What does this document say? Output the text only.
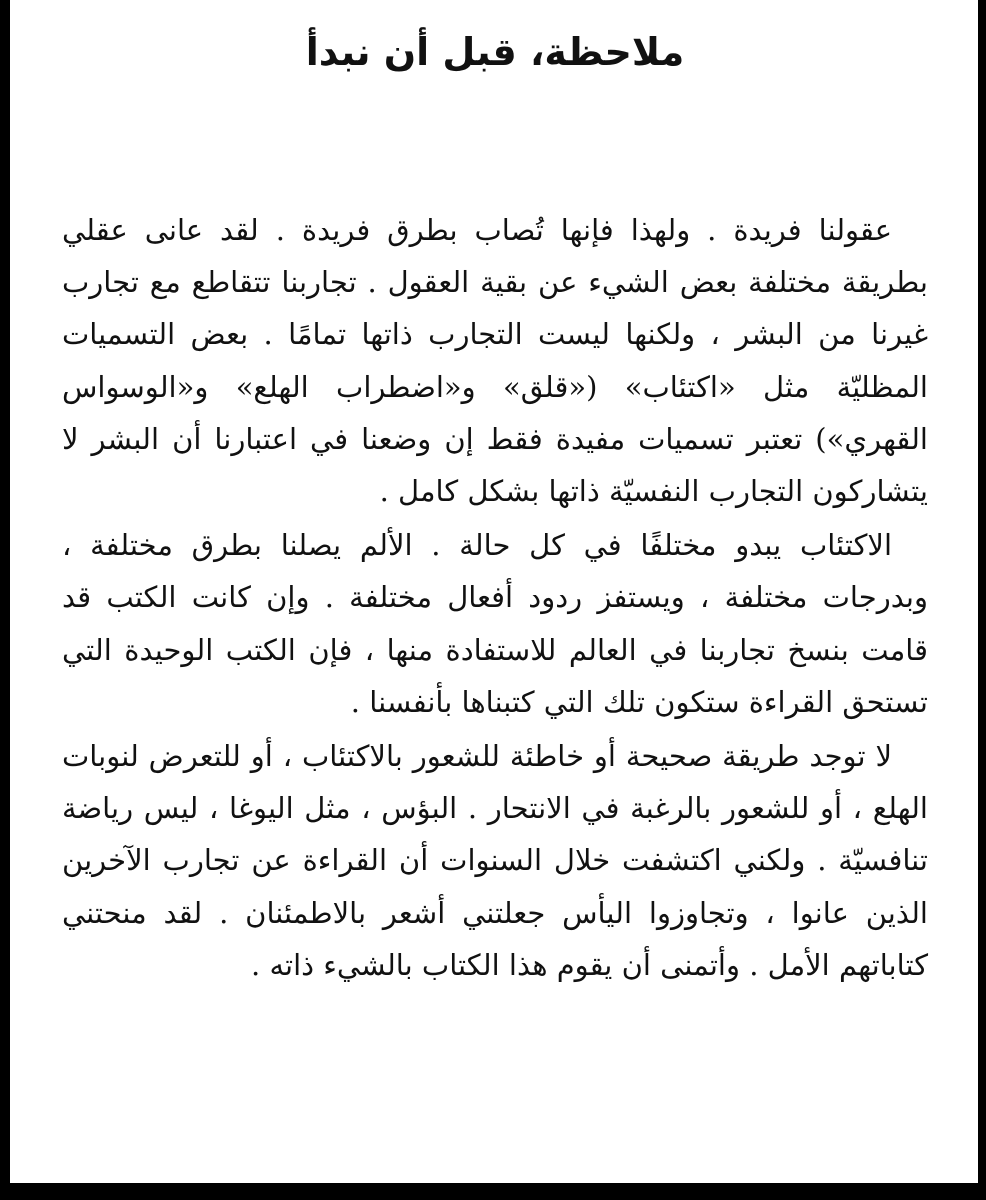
ملاحظة، قبل أن نبدأ

عقولنا فريدة . ولهذا فإنها تُصاب بطرق فريدة . لقد عانى عقلي بطريقة مختلفة بعض الشيء عن بقية العقول . تجاربنا تتقاطع مع تجارب غيرنا من البشر ، ولكنها ليست التجارب ذاتها تمامًا . بعض التسميات المظليّة مثل «اكتئاب» («قلق» و«اضطراب الهلع» و«الوسواس القهري») تعتبر تسميات مفيدة فقط إن وضعنا في اعتبارنا أن البشر لا يتشاركون التجارب النفسيّة ذاتها بشكل كامل .

الاكتئاب يبدو مختلفًا في كل حالة . الألم يصلنا بطرق مختلفة ، وبدرجات مختلفة ، ويستفز ردود أفعال مختلفة . وإن كانت الكتب قد قامت بنسخ تجاربنا في العالم للاستفادة منها ، فإن الكتب الوحيدة التي تستحق القراءة ستكون تلك التي كتبناها بأنفسنا .

لا توجد طريقة صحيحة أو خاطئة للشعور بالاكتئاب ، أو للتعرض لنوبات الهلع ، أو للشعور بالرغبة في الانتحار . البؤس ، مثل اليوغا ، ليس رياضة تنافسيّة . ولكني اكتشفت خلال السنوات أن القراءة عن تجارب الآخرين الذين عانوا ، وتجاوزوا اليأس جعلتني أشعر بالاطمئنان . لقد منحتني كتاباتهم الأمل . وأتمنى أن يقوم هذا الكتاب بالشيء ذاته .
